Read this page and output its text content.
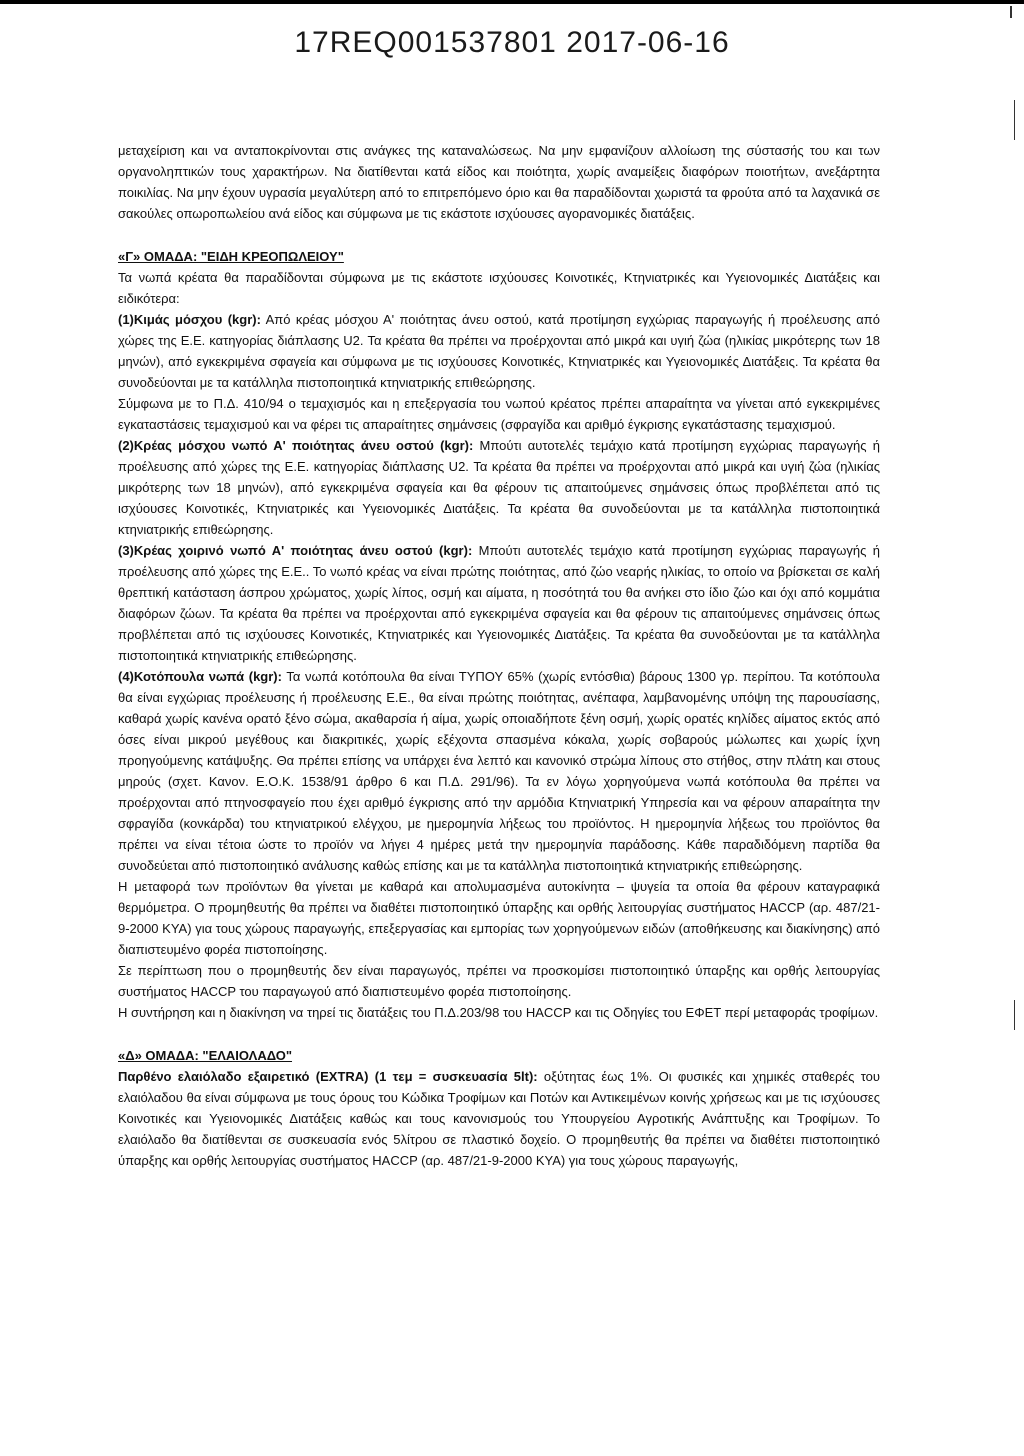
17REQ001537801 2017-06-16

μεταχείριση και να ανταποκρίνονται στις ανάγκες της καταναλώσεως. Να μην εμφανίζουν αλλοίωση της σύστασής του και των οργανοληπτικών τους χαρακτήρων. Να διατίθενται κατά είδος και ποιότητα, χωρίς αναμείξεις διαφόρων ποιοτήτων, ανεξάρτητα ποικιλίας. Να μην έχουν υγρασία μεγαλύτερη από το επιτρεπόμενο όριο και θα παραδίδονται χωριστά τα φρούτα από τα λαχανικά σε σακούλες οπωροπωλείου ανά είδος και σύμφωνα με τις εκάστοτε ισχύουσες αγορανομικές διατάξεις.

«Γ» ΟΜΑΔΑ: "ΕΙΔΗ ΚΡΕΟΠΩΛΕΙΟΥ"

Τα νωπά κρέατα θα παραδίδονται σύμφωνα με τις εκάστοτε ισχύουσες Κοινοτικές, Κτηνιατρικές και Υγειονομικές Διατάξεις και ειδικότερα:

(1)Κιμάς μόσχου (kgr): Από κρέας μόσχου Α' ποιότητας άνευ οστού, κατά προτίμηση εγχώριας παραγωγής ή προέλευσης από χώρες της Ε.Ε. κατηγορίας διάπλασης U2. Τα κρέατα θα πρέπει να προέρχονται από μικρά και υγιή ζώα (ηλικίας μικρότερης των 18 μηνών), από εγκεκριμένα σφαγεία και σύμφωνα με τις ισχύουσες Κοινοτικές, Κτηνιατρικές και Υγειονομικές Διατάξεις. Τα κρέατα θα συνοδεύονται με τα κατάλληλα πιστοποιητικά κτηνιατρικής επιθεώρησης.

Σύμφωνα με το Π.Δ. 410/94 ο τεμαχισμός και η επεξεργασία του νωπού κρέατος πρέπει απαραίτητα να γίνεται από εγκεκριμένες εγκαταστάσεις τεμαχισμού και να φέρει τις απαραίτητες σημάνσεις (σφραγίδα και αριθμό έγκρισης εγκατάστασης τεμαχισμού.

(2)Κρέας μόσχου νωπό Α' ποιότητας άνευ οστού (kgr): Μπούτι αυτοτελές τεμάχιο κατά προτίμηση εγχώριας παραγωγής ή προέλευσης από χώρες της Ε.Ε. κατηγορίας διάπλασης U2. Τα κρέατα θα πρέπει να προέρχονται από μικρά και υγιή ζώα (ηλικίας μικρότερης των 18 μηνών), από εγκεκριμένα σφαγεία και θα φέρουν τις απαιτούμενες σημάνσεις όπως προβλέπεται από τις ισχύουσες Κοινοτικές, Κτηνιατρικές και Υγειονομικές Διατάξεις. Τα κρέατα θα συνοδεύονται με τα κατάλληλα πιστοποιητικά κτηνιατρικής επιθεώρησης.

(3)Κρέας χοιρινό νωπό Α' ποιότητας άνευ οστού (kgr): Μπούτι αυτοτελές τεμάχιο κατά προτίμηση εγχώριας παραγωγής ή προέλευσης από χώρες της Ε.Ε.. Το νωπό κρέας να είναι πρώτης ποιότητας, από ζώο νεαρής ηλικίας, το οποίο να βρίσκεται σε καλή θρεπτική κατάσταση άσπρου χρώματος, χωρίς λίπος, οσμή και αίματα, η ποσότητά του θα ανήκει στο ίδιο ζώο και όχι από κομμάτια διαφόρων ζώων. Τα κρέατα θα πρέπει να προέρχονται από εγκεκριμένα σφαγεία και θα φέρουν τις απαιτούμενες σημάνσεις όπως προβλέπεται από τις ισχύουσες Κοινοτικές, Κτηνιατρικές και Υγειονομικές Διατάξεις. Τα κρέατα θα συνοδεύονται με τα κατάλληλα πιστοποιητικά κτηνιατρικής επιθεώρησης.

(4)Κοτόπουλα νωπά (kgr): Τα νωπά κοτόπουλα θα είναι ΤΥΠΟΥ 65% (χωρίς εντόσθια) βάρους 1300 γρ. περίπου. Τα κοτόπουλα θα είναι εγχώριας προέλευσης ή προέλευσης Ε.Ε., θα είναι πρώτης ποιότητας, ανέπαφα, λαμβανομένης υπόψη της παρουσίασης, καθαρά χωρίς κανένα ορατό ξένο σώμα, ακαθαρσία ή αίμα, χωρίς οποιαδήποτε ξένη οσμή, χωρίς ορατές κηλίδες αίματος εκτός από όσες είναι μικρού μεγέθους και διακριτικές, χωρίς εξέχοντα σπασμένα κόκαλα, χωρίς σοβαρούς μώλωπες και χωρίς ίχνη προηγούμενης κατάψυξης. Θα πρέπει επίσης να υπάρχει ένα λεπτό και κανονικό στρώμα λίπους στο στήθος, στην πλάτη και στους μηρούς (σχετ. Κανον. Ε.Ο.Κ. 1538/91 άρθρο 6 και Π.Δ. 291/96). Τα εν λόγω χορηγούμενα νωπά κοτόπουλα θα πρέπει να προέρχονται από πτηνοσφαγείο που έχει αριθμό έγκρισης από την αρμόδια Κτηνιατρική Υπηρεσία και να φέρουν απαραίτητα την σφραγίδα (κονκάρδα) του κτηνιατρικού ελέγχου, με ημερομηνία λήξεως του προϊόντος. Η ημερομηνία λήξεως του προϊόντος θα πρέπει να είναι τέτοια ώστε το προϊόν να λήγει 4 ημέρες μετά την ημερομηνία παράδοσης. Κάθε παραδιδόμενη παρτίδα θα συνοδεύεται από πιστοποιητικό ανάλυσης καθώς επίσης και με τα κατάλληλα πιστοποιητικά κτηνιατρικής επιθεώρησης.

Η μεταφορά των προϊόντων θα γίνεται με καθαρά και απολυμασμένα αυτοκίνητα – ψυγεία τα οποία θα φέρουν καταγραφικά θερμόμετρα. Ο προμηθευτής θα πρέπει να διαθέτει πιστοποιητικό ύπαρξης και ορθής λειτουργίας συστήματος HACCP (αρ. 487/21-9-2000 ΚΥΑ) για τους χώρους παραγωγής, επεξεργασίας και εμπορίας των χορηγούμενων ειδών (αποθήκευσης και διακίνησης) από διαπιστευμένο φορέα πιστοποίησης.

Σε περίπτωση που ο προμηθευτής δεν είναι παραγωγός, πρέπει να προσκομίσει πιστοποιητικό ύπαρξης και ορθής λειτουργίας συστήματος HACCP του παραγωγού από διαπιστευμένο φορέα πιστοποίησης.

Η συντήρηση και η διακίνηση να τηρεί τις διατάξεις του Π.Δ.203/98 του HACCP και τις Οδηγίες του ΕΦΕΤ περί μεταφοράς τροφίμων.

«Δ» ΟΜΑΔΑ: "ΕΛΑΙΟΛΑΔΟ"

Παρθένο ελαιόλαδο εξαιρετικό (EXTRA) (1 τεμ = συσκευασία 5lt): οξύτητας έως 1%. Οι φυσικές και χημικές σταθερές του ελαιόλαδου θα είναι σύμφωνα με τους όρους του Κώδικα Τροφίμων και Ποτών και Αντικειμένων κοινής χρήσεως και με τις ισχύουσες Κοινοτικές και Υγειονομικές Διατάξεις καθώς και τους κανονισμούς του Υπουργείου Αγροτικής Ανάπτυξης και Τροφίμων. Το ελαιόλαδο θα διατίθενται σε συσκευασία ενός 5λίτρου σε πλαστικό δοχείο. Ο προμηθευτής θα πρέπει να διαθέτει πιστοποιητικό ύπαρξης και ορθής λειτουργίας συστήματος HACCP (αρ. 487/21-9-2000 ΚΥΑ) για τους χώρους παραγωγής,
